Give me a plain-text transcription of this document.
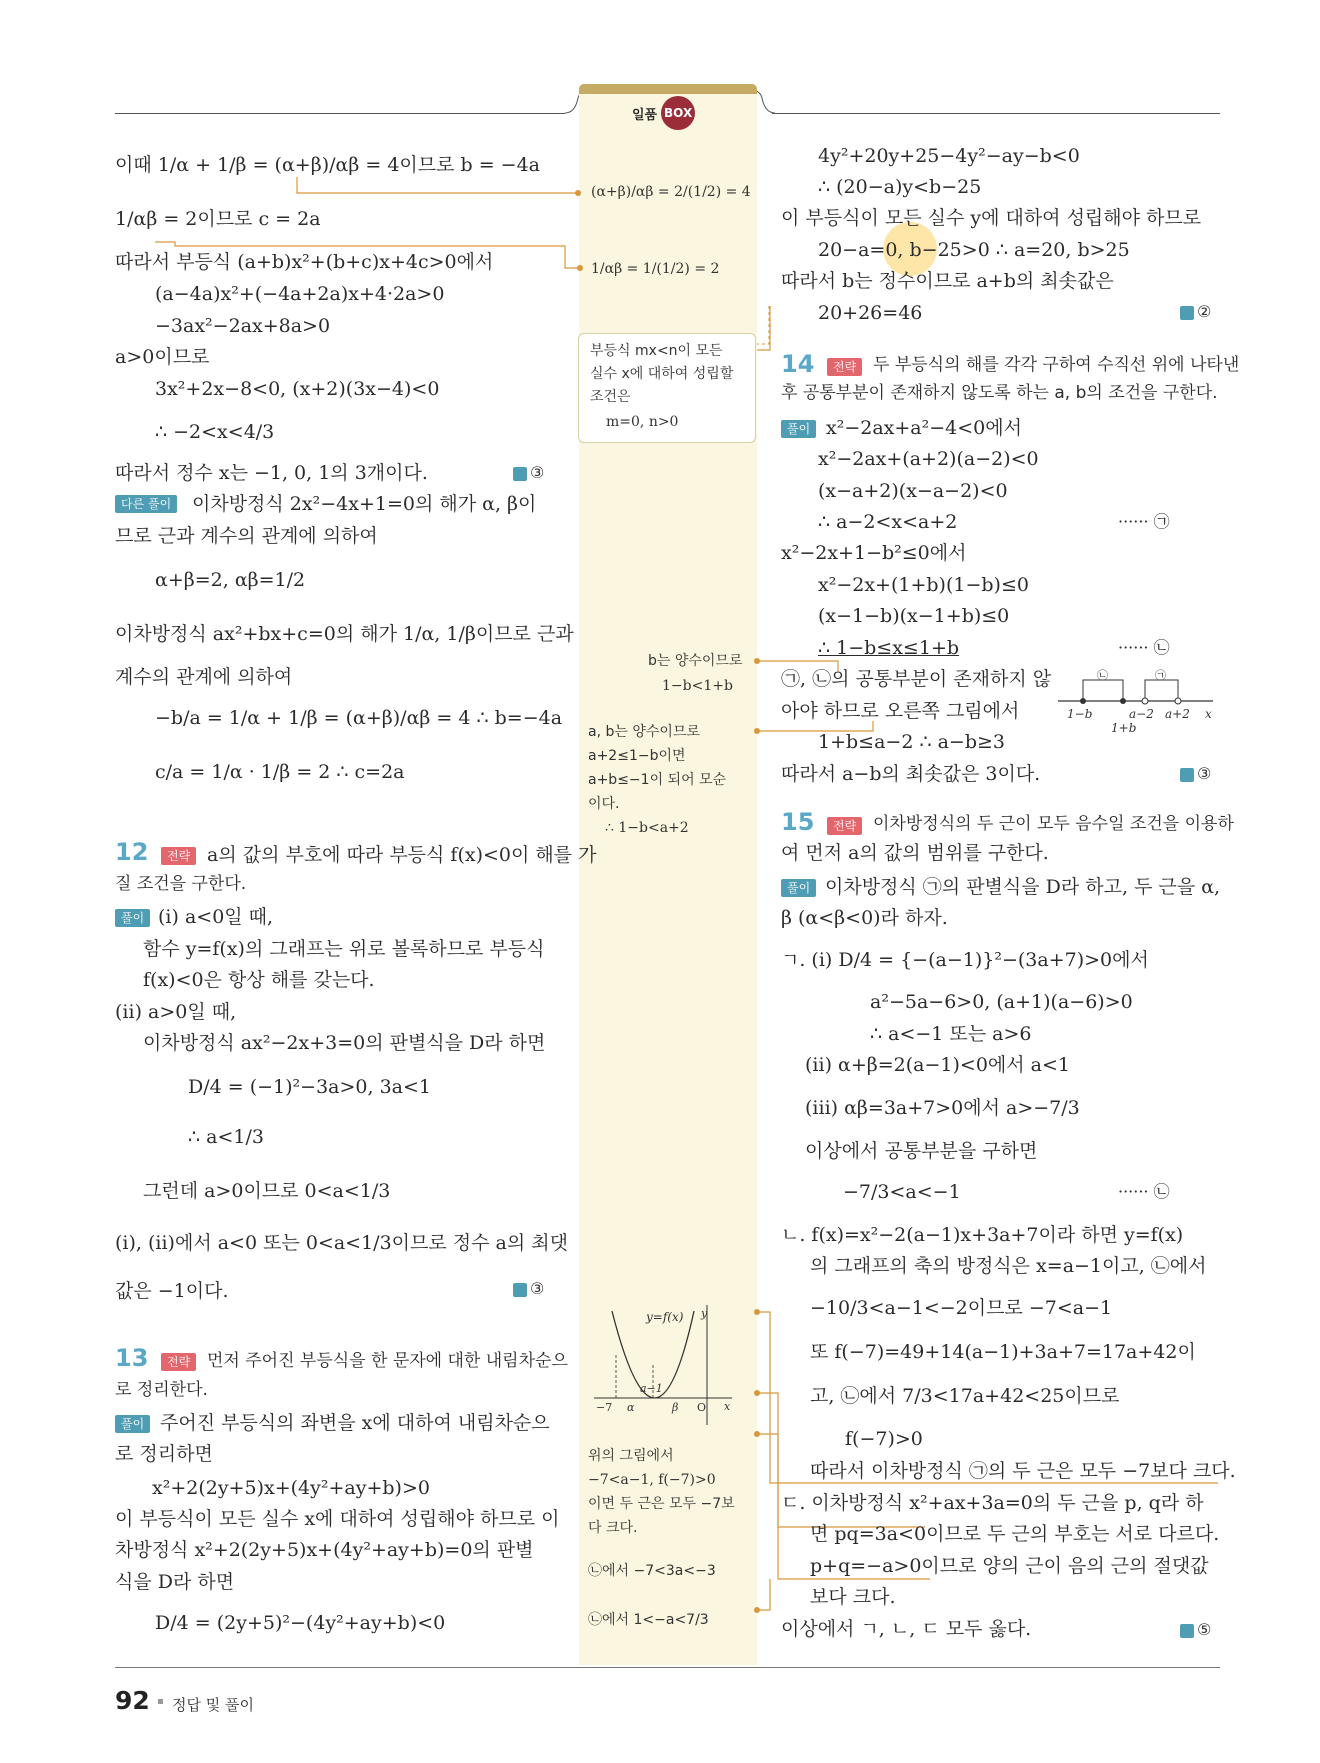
일품 BOX
이때 1/α + 1/β = (α+β)/αβ = 4이므로 b = −4a
1/αβ = 2이므로 c = 2a
따라서 부등식 (a+b)x²+(b+c)x+4c>0에서
(a−4a)x²+(−4a+2a)x+4·2a>0
−3ax²−2ax+8a>0
a>0이므로
3x²+2x−8<0, (x+2)(3x−4)<0
∴ −2<x<4/3
따라서 정수 x는 −1, 0, 1의 3개이다.	③
다른 풀이	이차방정식 2x²−4x+1=0의 해가 α, β이
므로 근과 계수의 관계에 의하여
α+β=2, αβ=1/2
이차방정식 ax²+bx+c=0의 해가 1/α, 1/β이므로 근과
계수의 관계에 의하여
−b/a = 1/α + 1/β = (α+β)/αβ = 4 ∴ b=−4a
c/a = 1/α · 1/β = 2 ∴ c=2a
12	전략 a의 값의 부호에 따라 부등식 f(x)<0이 해를 가
질 조건을 구한다.
풀이 (i) a<0일 때,
함수 y=f(x)의 그래프는 위로 볼록하므로 부등식
f(x)<0은 항상 해를 갖는다.
(ii) a>0일 때,
이차방정식 ax²−2x+3=0의 판별식을 D라 하면
D/4 = (−1)²−3a>0, 3a<1
∴ a<1/3
그런데 a>0이므로 0<a<1/3
(i), (ii)에서 a<0 또는 0<a<1/3이므로 정수 a의 최댓
값은 −1이다.	③
13	전략 먼저 주어진 부등식을 한 문자에 대한 내림차순으
로 정리한다.
풀이 주어진 부등식의 좌변을 x에 대하여 내림차순으
로 정리하면
x²+2(2y+5)x+(4y²+ay+b)>0
이 부등식이 모든 실수 x에 대하여 성립해야 하므로 이
차방정식 x²+2(2y+5)x+(4y²+ay+b)=0의 판별
식을 D라 하면
D/4 = (2y+5)²−(4y²+ay+b)<0
(α+β)/αβ = 2/(1/2) = 4
1/αβ = 1/(1/2) = 2
부등식 mx<n이 모든
실수 x에 대하여 성립할
조건은
m=0, n>0
b는 양수이므로
1−b<1+b
a, b는 양수이므로
a+2≤1−b이면
a+b≤−1이 되어 모순
이다.
∴ 1−b<a+2
y=f(x) y
x
O
−7 α	β
a−1
위의 그림에서
−7<a−1, f(−7)>0
이면 두 근은 모두 −7보
다 크다.
㉡에서 −7<3a<−3
㉡에서 1<−a<7/3
4y²+20y+25−4y²−ay−b<0
∴ (20−a)y<b−25
이 부등식이 모든 실수 y에 대하여 성립해야 하므로
20−a=0, b−25>0 ∴ a=20, b>25
따라서 b는 정수이므로 a+b의 최솟값은
20+26=46	②
14	전략 두 부등식의 해를 각각 구하여 수직선 위에 나타낸
후 공통부분이 존재하지 않도록 하는 a, b의 조건을 구한다.
풀이 x²−2ax+a²−4<0에서
x²−2ax+(a+2)(a−2)<0
(x−a+2)(x−a−2)<0
∴ a−2<x<a+2	······ ㉠
x²−2x+1−b²≤0에서
x²−2x+(1+b)(1−b)≤0
(x−1−b)(x−1+b)≤0
∴ 1−b≤x≤1+b	······ ㉡
㉠, ㉡의 공통부분이 존재하지 않
아야 하므로 오른쪽 그림에서
1+b≤a−2 ∴ a−b≥3
따라서 a−b의 최솟값은 3이다.	③
1−b
1+b
a−2 a+2 x
㉡	㉠
15	전략 이차방정식의 두 근이 모두 음수일 조건을 이용하
여 먼저 a의 값의 범위를 구한다.
풀이 이차방정식 ㉠의 판별식을 D라 하고, 두 근을 α,
β (α<β<0)라 하자.
ㄱ. (i) D/4 = {−(a−1)}²−(3a+7)>0에서
a²−5a−6>0, (a+1)(a−6)>0
∴ a<−1 또는 a>6
(ii) α+β=2(a−1)<0에서 a<1
(iii) αβ=3a+7>0에서 a>−7/3
이상에서 공통부분을 구하면
−7/3<a<−1	······ ㉡
ㄴ. f(x)=x²−2(a−1)x+3a+7이라 하면 y=f(x)
의 그래프의 축의 방정식은 x=a−1이고, ㉡에서
−10/3<a−1<−2이므로 −7<a−1
또 f(−7)=49+14(a−1)+3a+7=17a+42이
고, ㉡에서 7/3<17a+42<25이므로
f(−7)>0
따라서 이차방정식 ㉠의 두 근은 모두 −7보다 크다.
ㄷ. 이차방정식 x²+ax+3a=0의 두 근을 p, q라 하
면 pq=3a<0이므로 두 근의 부호는 서로 다르다.
p+q=−a>0이므로 양의 근이 음의 근의 절댓값
보다 크다.
이상에서 ㄱ, ㄴ, ㄷ 모두 옳다.	⑤
92 정답 및 풀이
